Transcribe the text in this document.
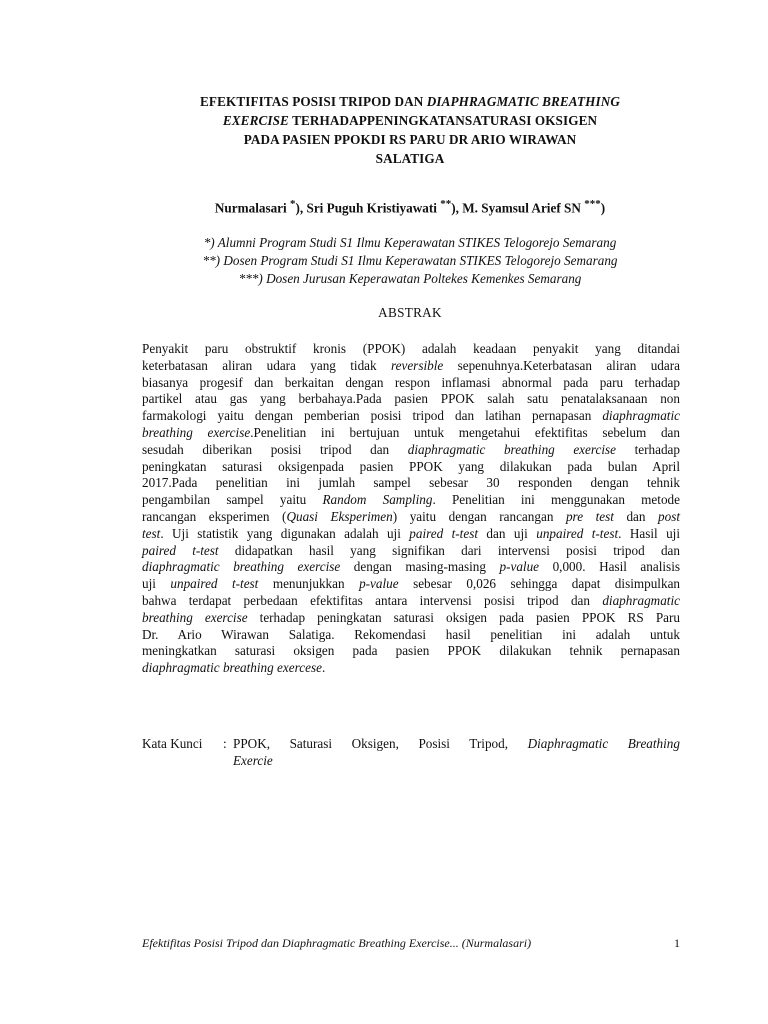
EFEKTIFITAS POSISI TRIPOD DAN DIAPHRAGMATIC BREATHING
EXERCISE TERHADAPPENINGKATANSATURASI OKSIGEN
PADA PASIEN PPOKDI RS PARU DR ARIO WIRAWAN
SALATIGA
Nurmalasari *), Sri Puguh Kristiyawati **), M. Syamsul Arief SN ***)
*) Alumni Program Studi S1 Ilmu Keperawatan STIKES Telogorejo Semarang
**) Dosen Program Studi S1 Ilmu Keperawatan STIKES Telogorejo Semarang
***) Dosen Jurusan Keperawatan Poltekes Kemenkes Semarang
ABSTRAK
Penyakit paru obstruktif kronis (PPOK) adalah keadaan penyakit yang ditandai
keterbatasan aliran udara yang tidak reversible sepenuhnya.Keterbatasan aliran udara
biasanya progesif dan berkaitan dengan respon inflamasi abnormal pada paru terhadap
partikel atau gas yang berbahaya.Pada pasien PPOK salah satu penatalaksanaan non
farmakologi yaitu dengan pemberian posisi tripod dan latihan pernapasan diaphragmatic
breathing exercise.Penelitian ini bertujuan untuk mengetahui efektifitas sebelum dan
sesudah diberikan posisi tripod dan diaphragmatic breathing exercise terhadap
peningkatan saturasi oksigenpada pasien PPOK yang dilakukan pada bulan April
2017.Pada penelitian ini jumlah sampel sebesar 30 responden dengan tehnik
pengambilan sampel yaitu Random Sampling. Penelitian ini menggunakan metode
rancangan eksperimen (Quasi Eksperimen) yaitu dengan rancangan pre test dan post
test. Uji statistik yang digunakan adalah uji paired t-test dan uji unpaired t-test. Hasil uji
paired t-test didapatkan hasil yang signifikan dari intervensi posisi tripod dan
diaphragmatic breathing exercise dengan masing-masing p-value 0,000. Hasil analisis
uji unpaired t-test menunjukkan p-value sebesar 0,026 sehingga dapat disimpulkan
bahwa terdapat perbedaan efektifitas antara intervensi posisi tripod dan diaphragmatic
breathing exercise terhadap peningkatan saturasi oksigen pada pasien PPOK RS Paru
Dr. Ario Wirawan Salatiga. Rekomendasi hasil penelitian ini adalah untuk
meningkatkan saturasi oksigen pada pasien PPOK dilakukan tehnik pernapasan
diaphragmatic breathing exercese.
Kata Kunci : PPOK, Saturasi Oksigen, Posisi Tripod, Diaphragmatic Breathing
Exercie
Efektifitas Posisi Tripod dan Diaphragmatic Breathing Exercise... (Nurmalasari)	1
